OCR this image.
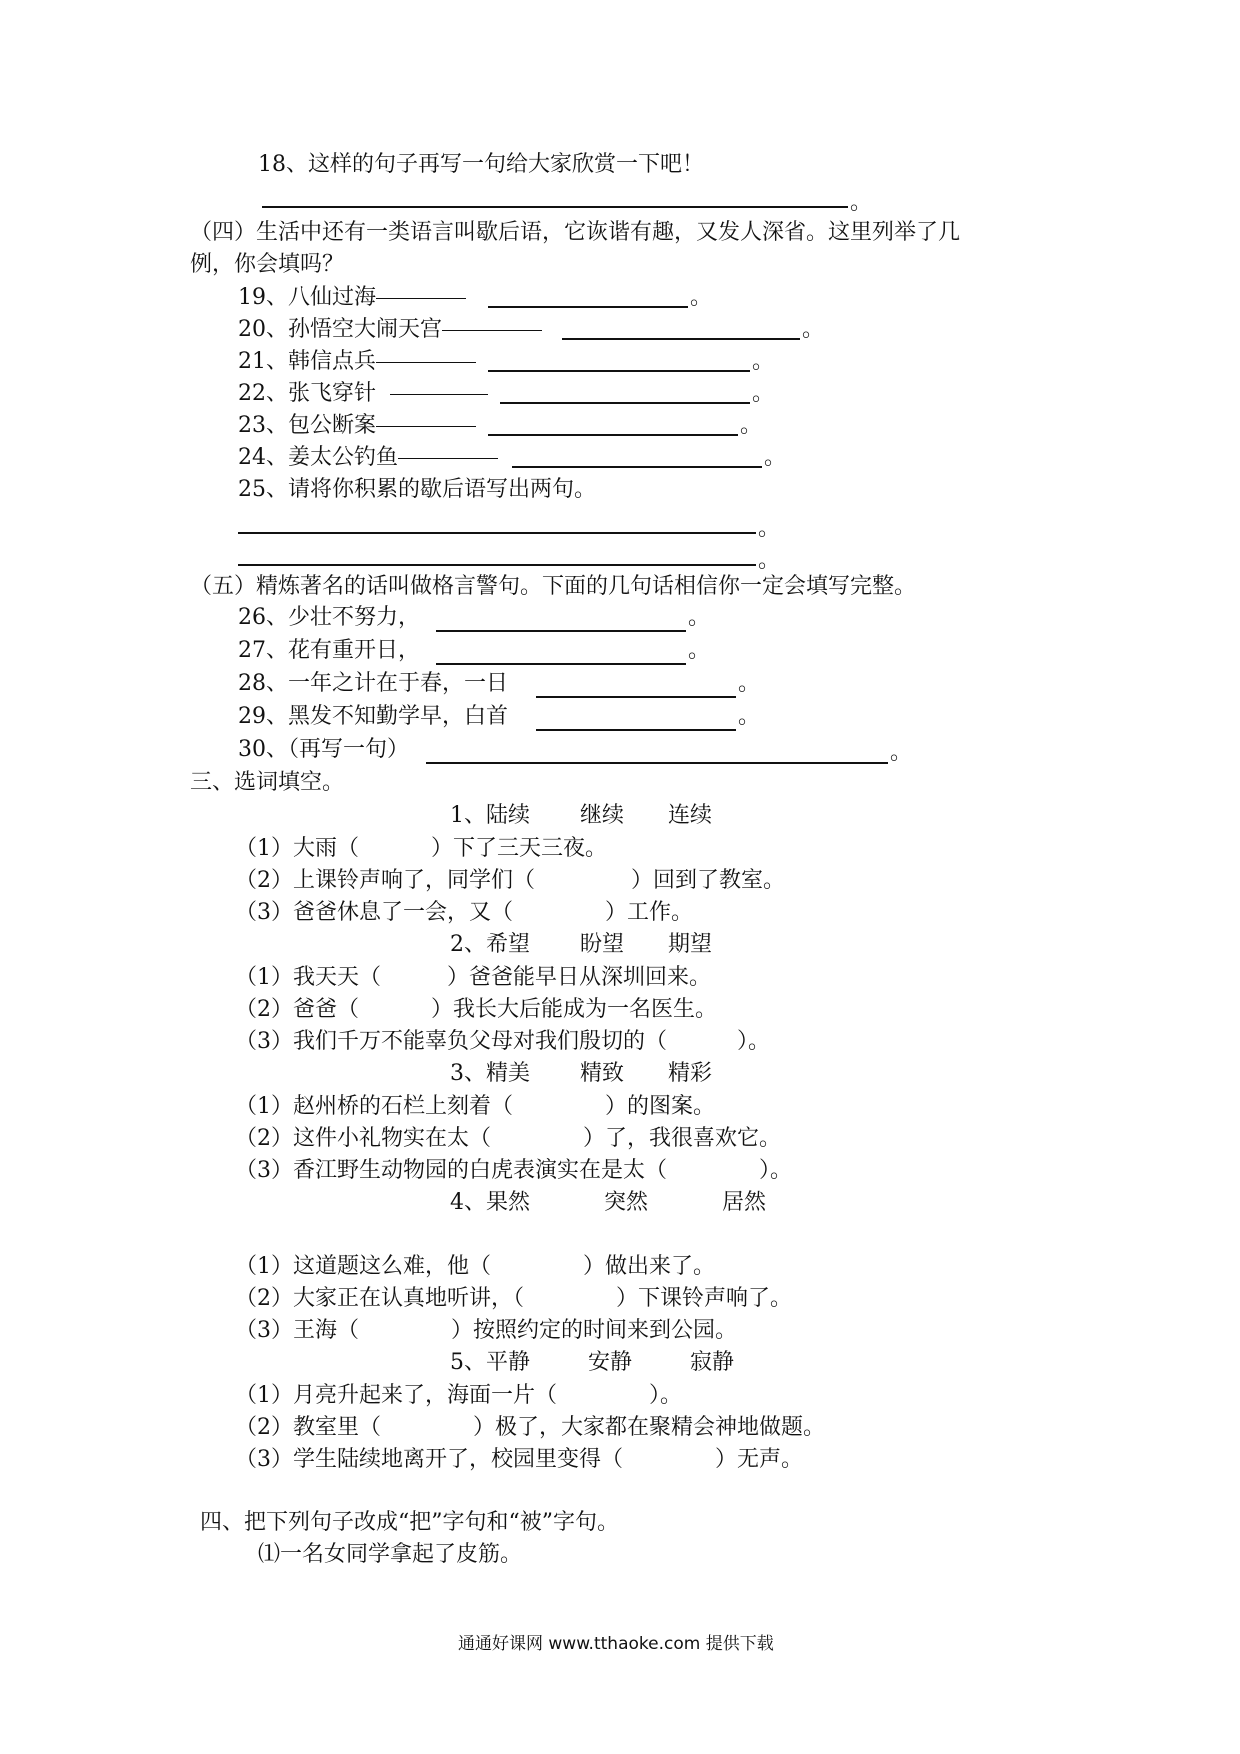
18、这样的句子再写一句给大家欣赏一下吧！
。
（四）生活中还有一类语言叫歇后语，它诙谐有趣，又发人深省。这里列举了几
例，你会填吗？
19、八仙过海	。
20、孙悟空大闹天宫	。
21、韩信点兵	。
22、张飞穿针	。
23、包公断案	。
24、姜太公钓鱼	。
25、请将你积累的歇后语写出两句。
。
。
（五）精炼著名的话叫做格言警句。下面的几句话相信你一定会填写完整。
26、少壮不努力，	。
27、花有重开日，	。
28、一年之计在于春，一日	。
29、黑发不知勤学早，白首	。
30、（再写一句）	。
三、选词填空。
1、陆续 继续 连续
（1）大雨（	）下了三天三夜。
（2）上课铃声响了，同学们（	）回到了教室。
（3）爸爸休息了一会，又（	）工作。
2、希望 盼望 期望
（1）我天天（	）爸爸能早日从深圳回来。
（2）爸爸（	）我长大后能成为一名医生。
（3）我们千万不能辜负父母对我们殷切的（	）。
3、精美 精致 精彩
（1）赵州桥的石栏上刻着（	）的图案。
（2）这件小礼物实在太（	）了，我很喜欢它。
（3）香江野生动物园的白虎表演实在是太（	）。
4、果然	突然	居然
（1）这道题这么难，他（	）做出来了。
（2）大家正在认真地听讲，（	）下课铃声响了。
（3）王海（	）按照约定的时间来到公园。
5、平静	安静	寂静
（1）月亮升起来了，海面一片（	）。
（2）教室里（	）极了，大家都在聚精会神地做题。
（3）学生陆续地离开了，校园里变得（	）无声。
四、把下列句子改成“把”字句和“被”字句。
⑴一名女同学拿起了皮筋。
通通好课网 www.tthaoke.com 提供下载
